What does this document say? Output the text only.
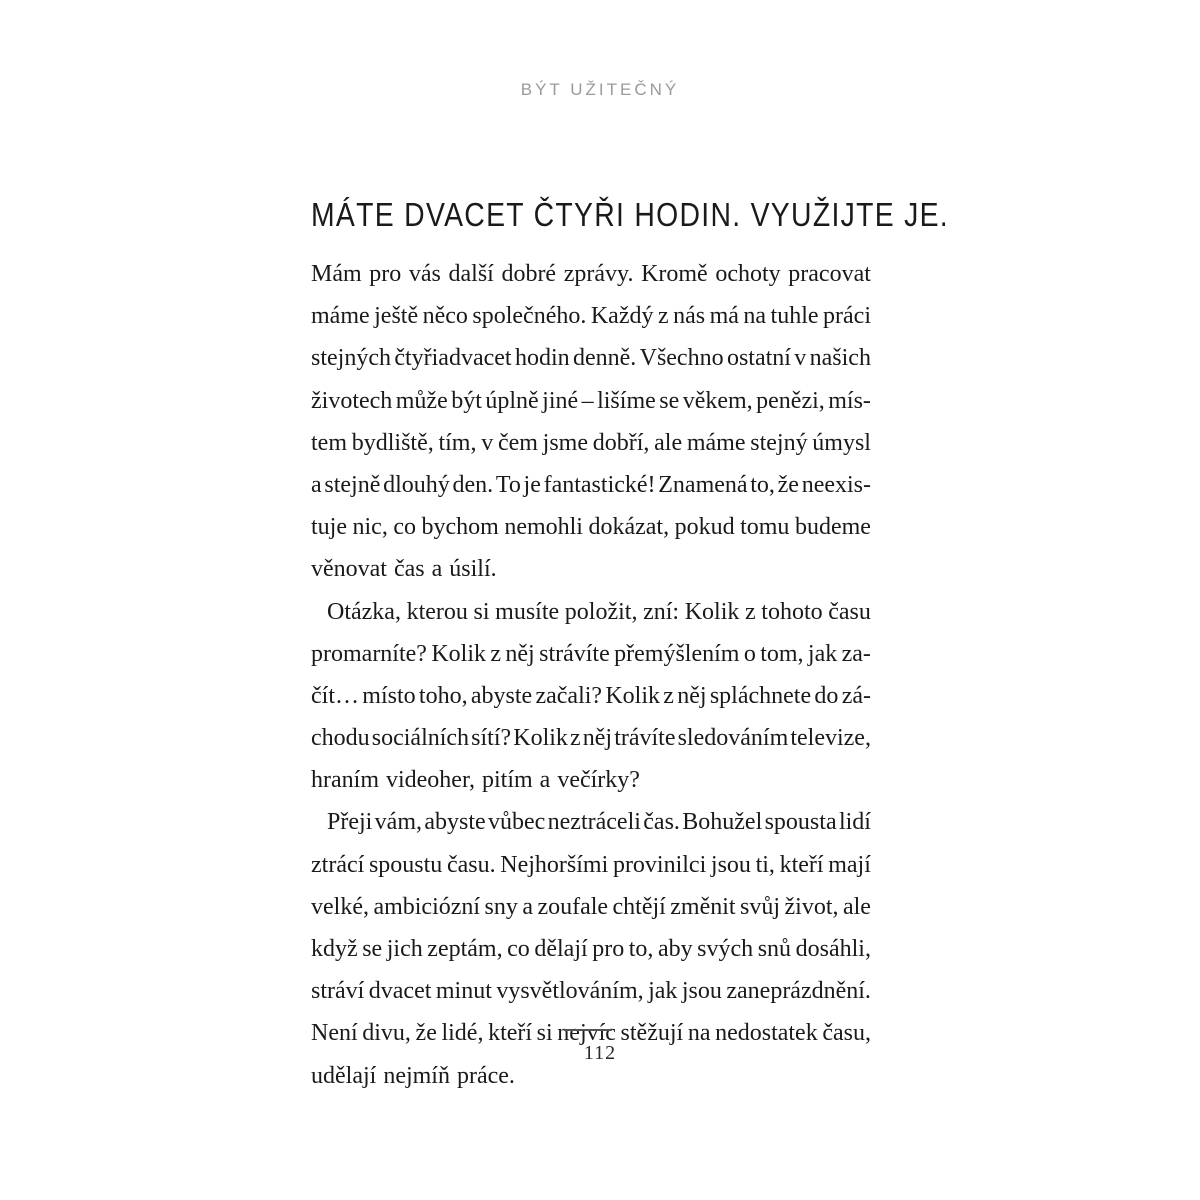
BÝT UŽITEČNÝ
MÁTE DVACET ČTYŘI HODIN. VYUŽIJTE JE.
Mám pro vás další dobré zprávy. Kromě ochoty pracovat
máme ještě něco společného. Každý z nás má na tuhle práci
stejných čtyřiadvacet hodin denně. Všechno ostatní v našich
životech může být úplně jiné – lišíme se věkem, penězi, mís-
tem bydliště, tím, v čem jsme dobří, ale máme stejný úmysl
a stejně dlouhý den. To je fantastické! Znamená to, že neexis-
tuje nic, co bychom nemohli dokázat, pokud tomu budeme
věnovat čas a úsilí.
Otázka, kterou si musíte položit, zní: Kolik z tohoto času
promarníte? Kolik z něj strávíte přemýšlením o tom, jak za-
čít… místo toho, abyste začali? Kolik z něj spláchnete do zá-
chodu sociálních sítí? Kolik z něj trávíte sledováním televize,
hraním videoher, pitím a večírky?
Přeji vám, abyste vůbec neztráceli čas. Bohužel spousta lidí
ztrácí spoustu času. Nejhoršími provinilci jsou ti, kteří mají
velké, ambiciózní sny a zoufale chtějí změnit svůj život, ale
když se jich zeptám, co dělají pro to, aby svých snů dosáhli,
stráví dvacet minut vysvětlováním, jak jsou zaneprázdnění.
Není divu, že lidé, kteří si nejvíc stěžují na nedostatek času,
udělají nejmíň práce.
112
